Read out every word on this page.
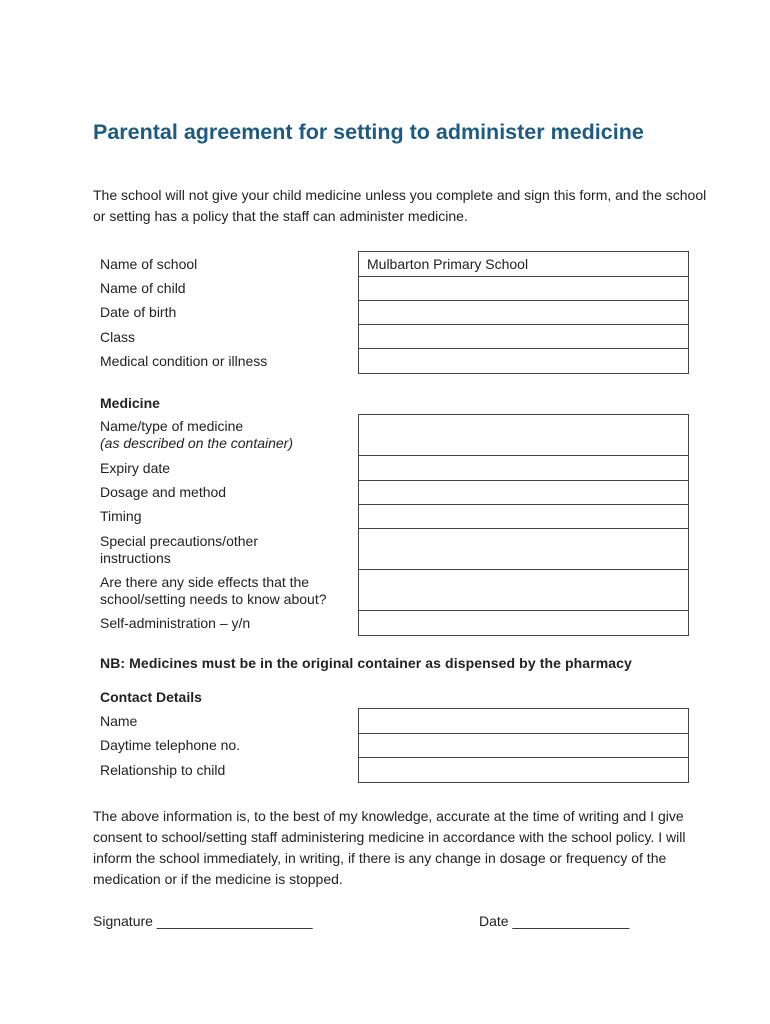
Parental agreement for setting to administer medicine
The school will not give your child medicine unless you complete and sign this form, and the school or setting has a policy that the staff can administer medicine.
Name of school
Name of child
Date of birth
Class
Medical condition or illness
Mulbarton Primary School
Medicine
Name/type of medicine
(as described on the container)
Expiry date
Dosage and method
Timing
Special precautions/other
instructions
Are there any side effects that the
school/setting needs to know about?
Self-administration – y/n
NB: Medicines must be in the original container as dispensed by the pharmacy
Contact Details
Name
Daytime telephone no.
Relationship to child
The above information is, to the best of my knowledge, accurate at the time of writing and I give consent to school/setting staff administering medicine in accordance with the school policy. I will inform the school immediately, in writing, if there is any change in dosage or frequency of the medication or if the medicine is stopped.
Signature ____________________	Date _______________
